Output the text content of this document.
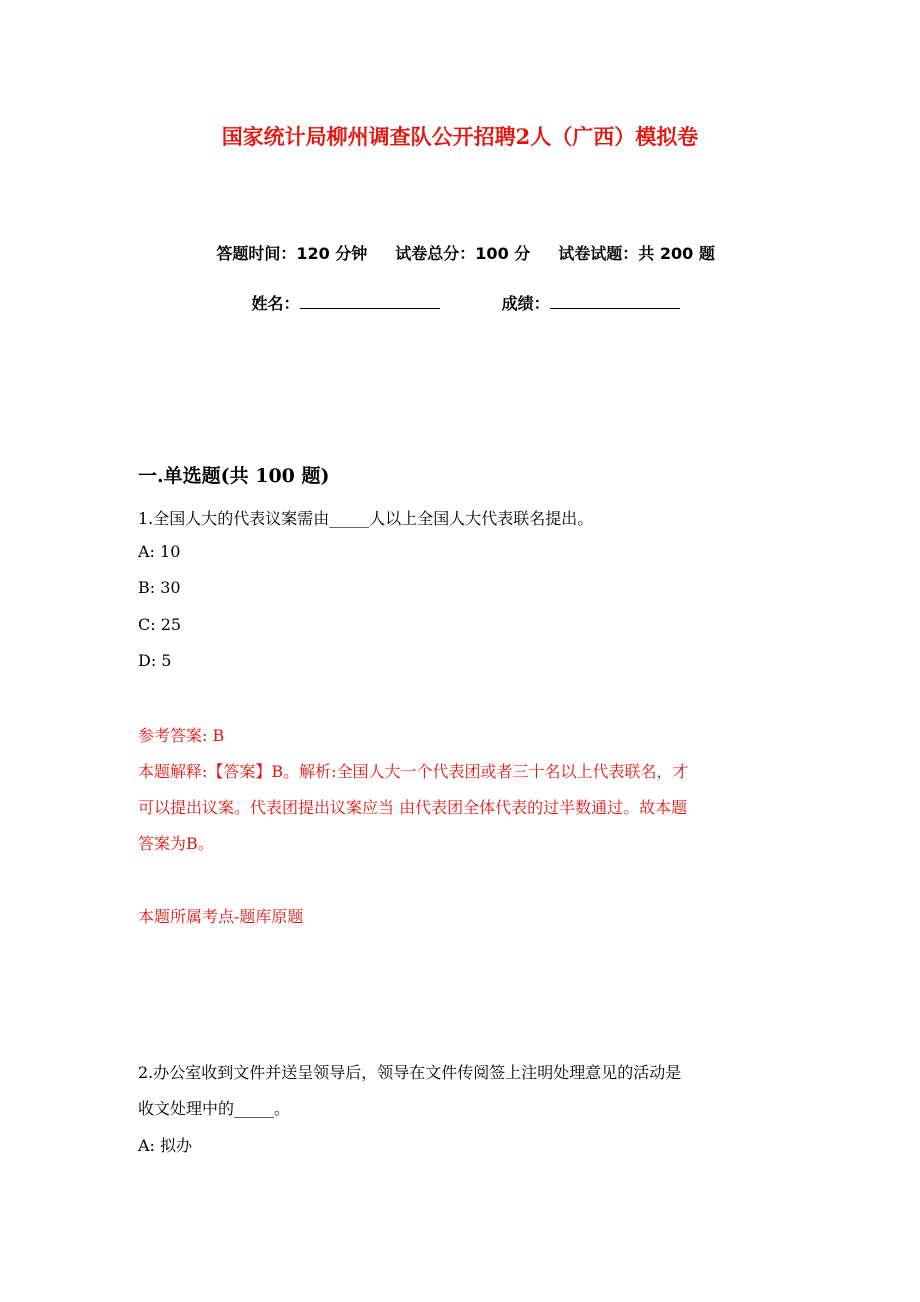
国家统计局柳州调查队公开招聘2人（广西）模拟卷

答题时间：120 分钟 试卷总分：100 分 试卷试题：共 200 题

姓名：	成绩：

一.单选题(共 100 题)
1.全国人大的代表议案需由_____人以上全国人大代表联名提出。
A: 10
B: 30
C: 25
D: 5
参考答案: B
本题解释:【答案】B。解析:全国人大一个代表团或者三十名以上代表联名，才
可以提出议案。代表团提出议案应当 由代表团全体代表的过半数通过。故本题
答案为B。
本题所属考点-题库原题
2.办公室收到文件并送呈领导后，领导在文件传阅签上注明处理意见的活动是
收文处理中的_____。
A: 拟办
